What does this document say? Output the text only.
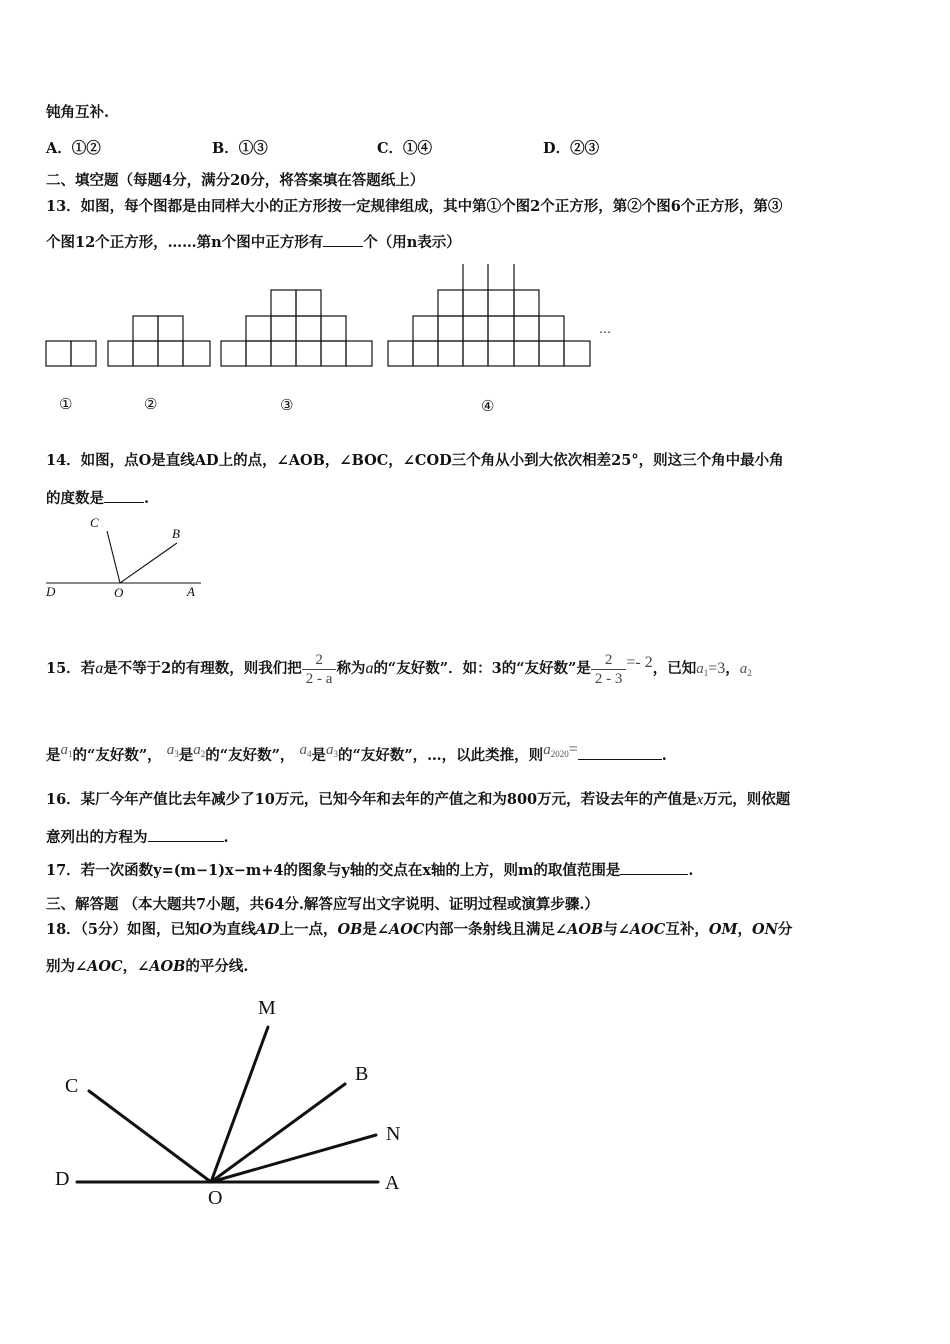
钝角互补.
A．①②	B．①③	C．①④	D．②③
二、填空题（每题4分，满分20分，将答案填在答题纸上）
13．如图，每个图都是由同样大小的正方形按一定规律组成，其中第①个图2个正方形，第②个图6个正方形，第③
个图12个正方形，……第n个图中正方形有	个（用n表示）
…
①	②	③	④
14．如图，点O是直线AD上的点，∠AOB，∠BOC，∠COD三个角从小到大依次相差25°，则这三个角中最小角
的度数是	.
C
B
D	O	A
15．若a是不等于2的有理数，则我们把 $\frac{2}{2 - a}$ 称为a的“友好数”．如：3的“友好数”是 $\frac{2}{2 - 3} =- 2$，已知$a_1=3$，$a_2$
是$a^1$的“友好数”， $a^3$是$a^2$的“友好数”， $a^4$是$a^3$的“友好数”，…，以此类推，则$a^{2020}=$	.
16．某厂今年产值比去年减少了10万元，已知今年和去年的产值之和为800万元，若设去年的产值是x万元，则依题
意列出的方程为	.
17．若一次函数y=(m−1)x−m+4的图象与y轴的交点在x轴的上方，则m的取值范围是	.
三、解答题 （本大题共7小题，共64分.解答应写出文字说明、证明过程或演算步骤.）
18．（5分）如图，已知O为直线AD上一点，OB是∠AOC内部一条射线且满足∠AOB与∠AOC互补，OM，ON分
别为∠AOC，∠AOB的平分线.
M
B
C
N
D
O
A
